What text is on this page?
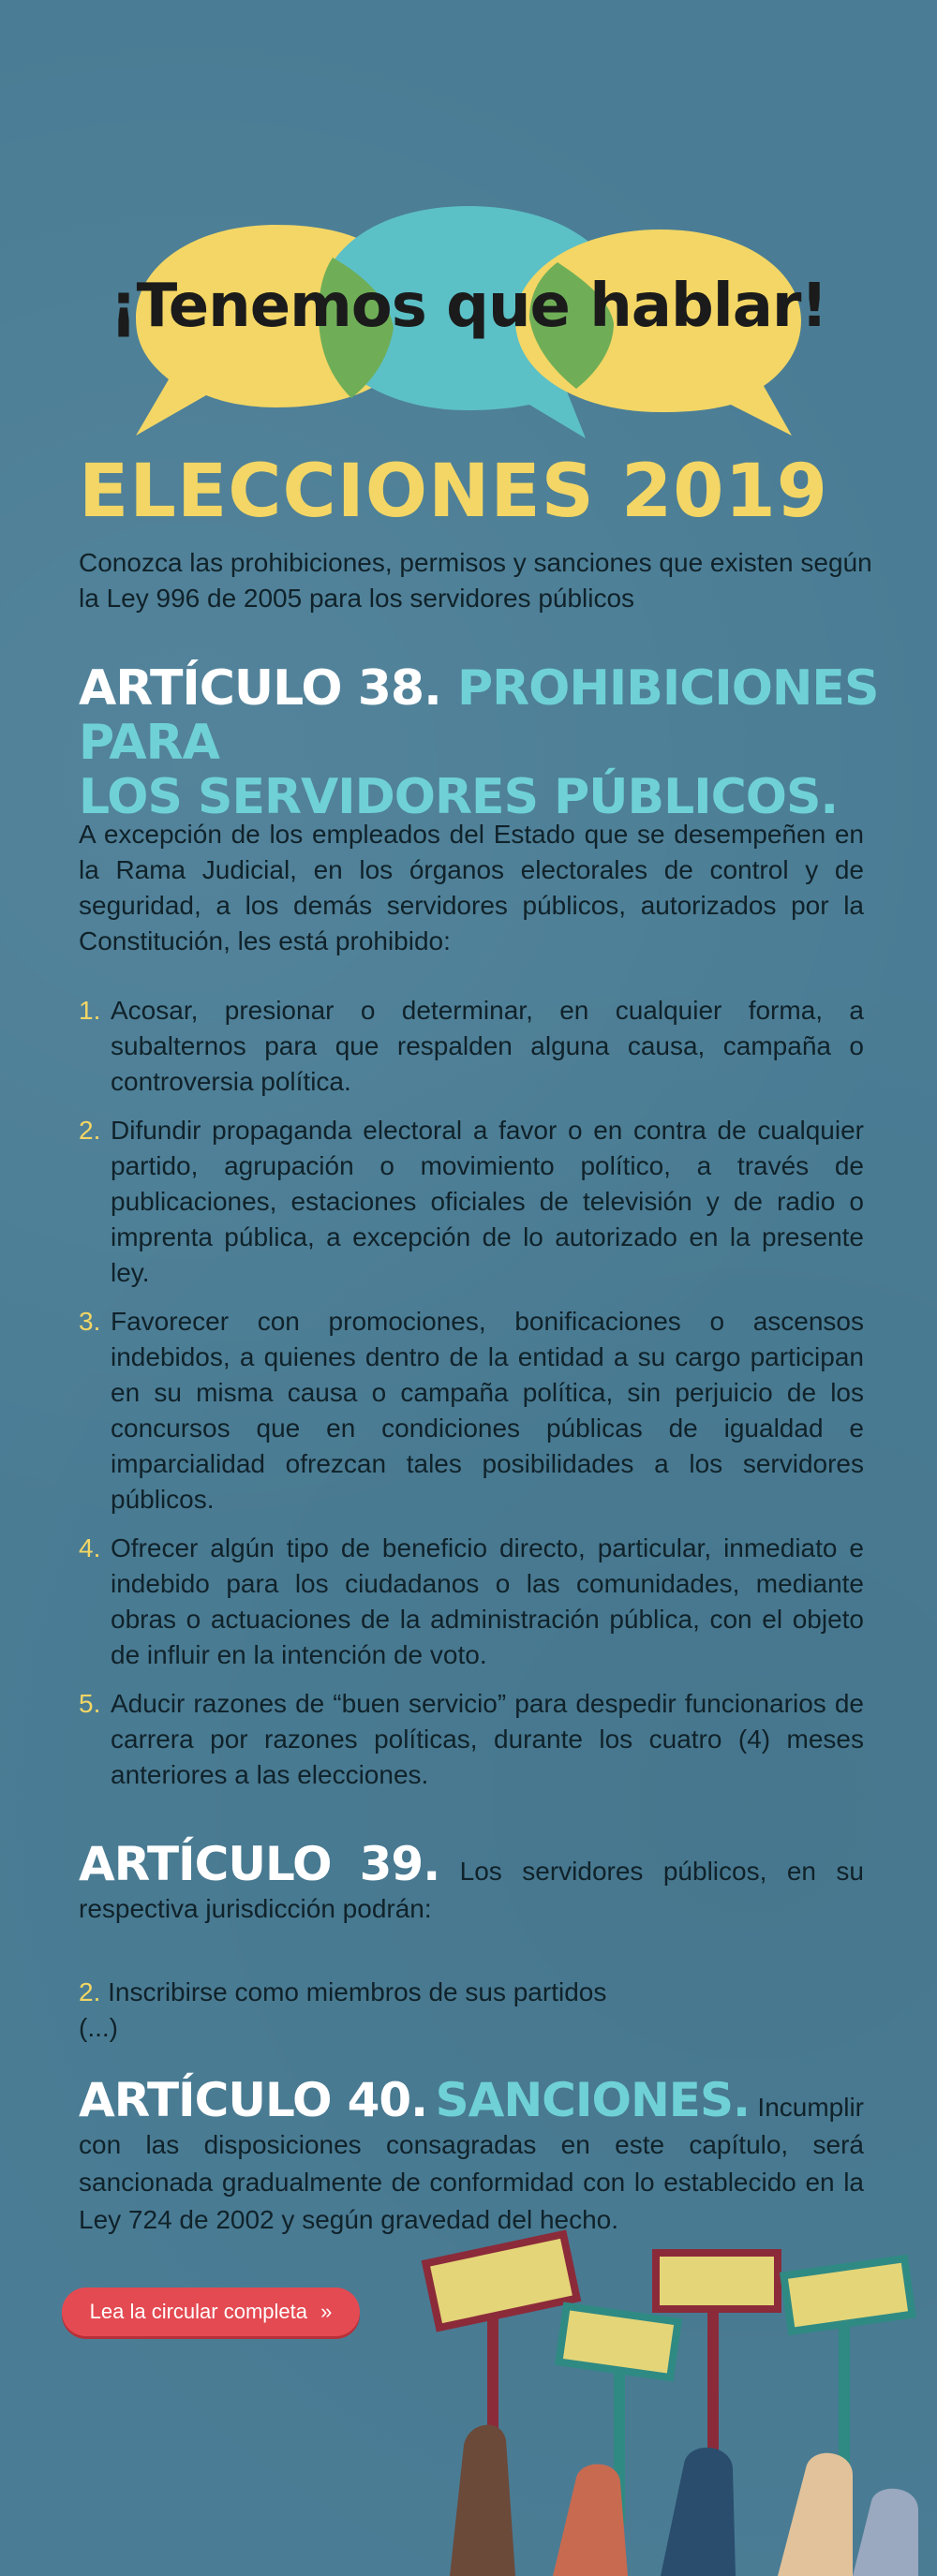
¡Tenemos que hablar!
ELECCIONES 2019

Conozca las prohibiciones, permisos y sanciones que existen según la Ley 996 de 2005 para los servidores públicos

ARTÍCULO 38. PROHIBICIONES PARA
LOS SERVIDORES PÚBLICOS.

A excepción de los empleados del Estado que se desempeñen en la Rama Judicial, en los órganos electorales de control y de seguridad, a los demás servidores públicos, autorizados por la Constitución, les está prohibido:

1. Acosar, presionar o determinar, en cualquier forma, a subalternos para que respalden alguna causa, campaña o controversia política.
2. Difundir propaganda electoral a favor o en contra de cualquier partido, agrupación o movimiento político, a través de publicaciones, estaciones oficiales de televisión y de radio o imprenta pública, a excepción de lo autorizado en la presente ley.
3. Favorecer con promociones, bonificaciones o ascensos indebidos, a quienes dentro de la entidad a su cargo participan en su misma causa o campaña política, sin perjuicio de los concursos que en condiciones públicas de igualdad e imparcialidad ofrezcan tales posibilidades a los servidores públicos.
4. Ofrecer algún tipo de beneficio directo, particular, inmediato e indebido para los ciudadanos o las comunidades, mediante obras o actuaciones de la administración pública, con el objeto de influir en la intención de voto.
5. Aducir razones de “buen servicio” para despedir funcionarios de carrera por razones políticas, durante los cuatro (4) meses anteriores a las elecciones.

ARTÍCULO 39. Los servidores públicos, en su respectiva jurisdicción podrán:

2. Inscribirse como miembros de sus partidos
(...)

ARTÍCULO 40. SANCIONES. Incumplir con las disposiciones consagradas en este capítulo, será sancionada gradualmente de conformidad con lo establecido en la Ley 724 de 2002 y según gravedad del hecho.

Lea la circular completa »
